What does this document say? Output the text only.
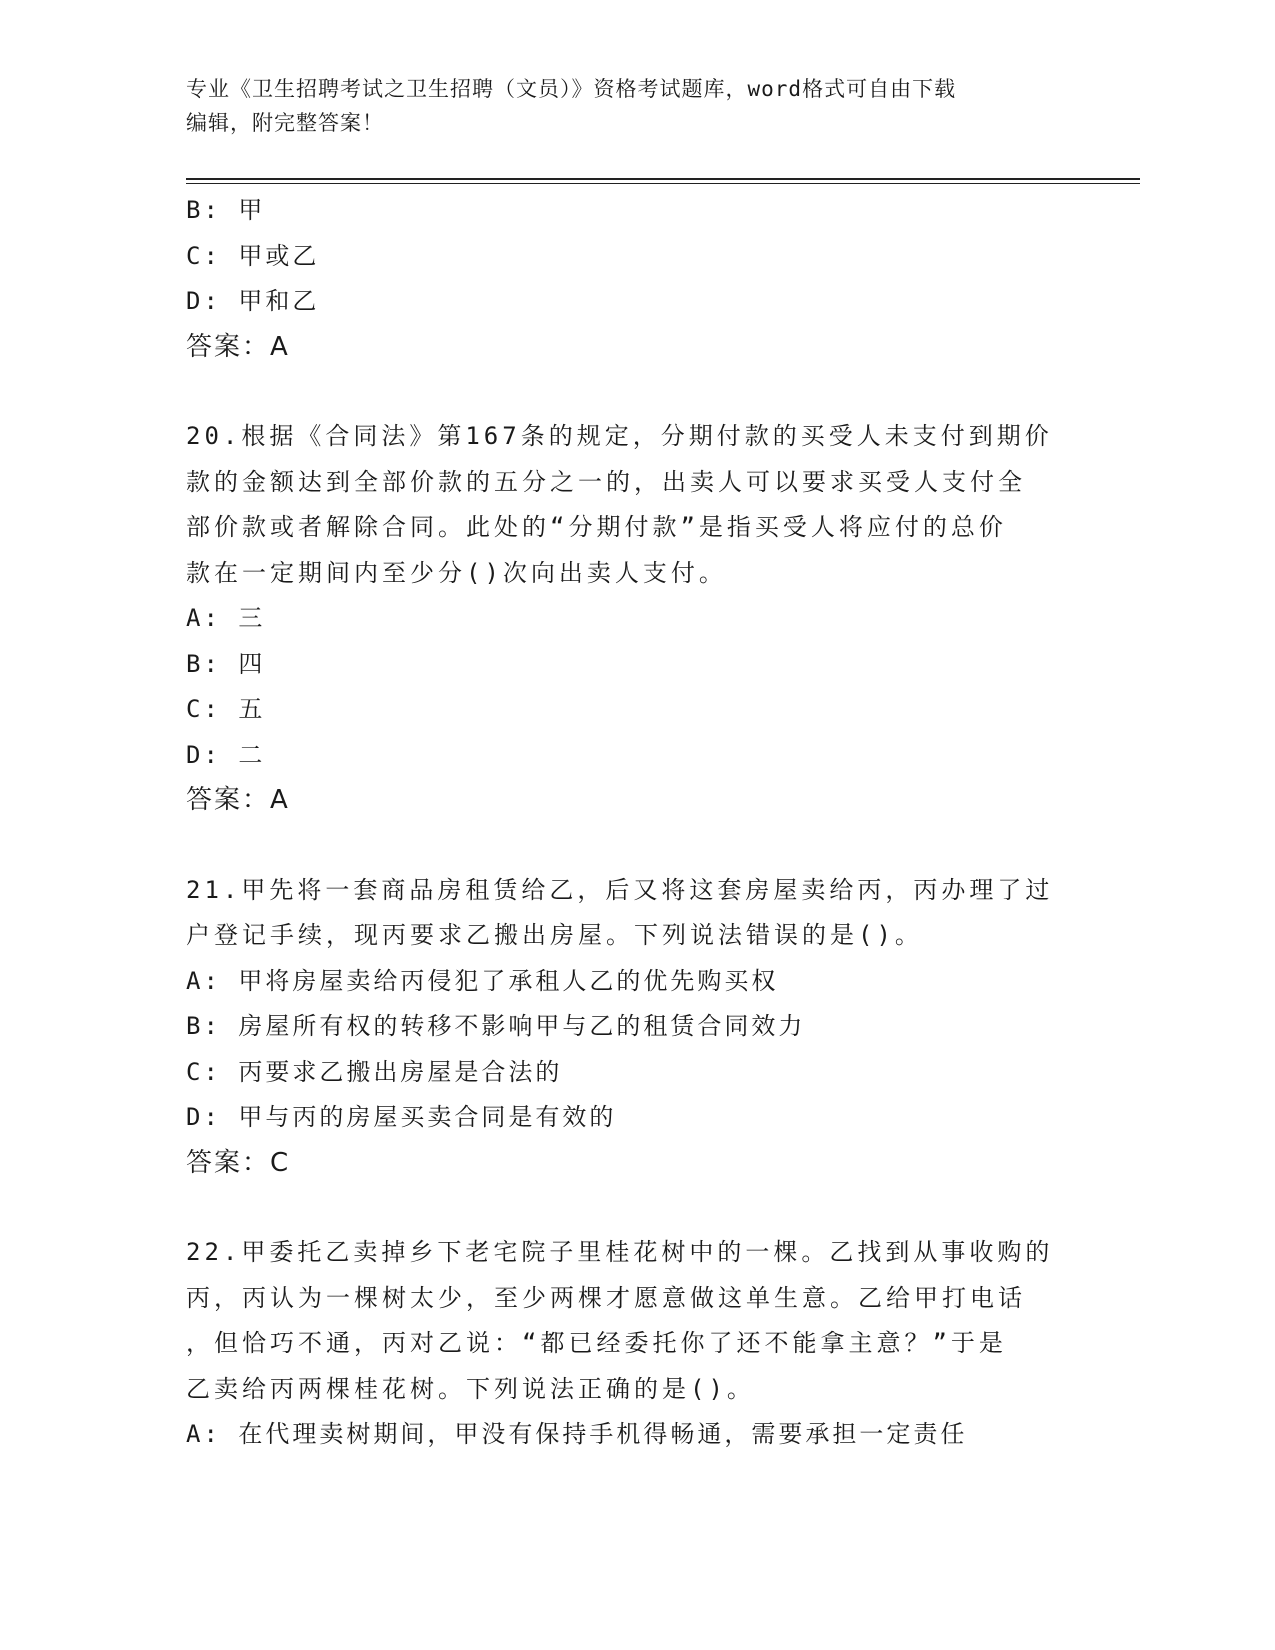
专业《卫生招聘考试之卫生招聘（文员）》资格考试题库，word格式可自由下载
编辑，附完整答案！
B: 甲
C: 甲或乙
D: 甲和乙
答案：A
20.根据《合同法》第167条的规定，分期付款的买受人未支付到期价
款的金额达到全部价款的五分之一的，出卖人可以要求买受人支付全
部价款或者解除合同。此处的“分期付款”是指买受人将应付的总价
款在一定期间内至少分()次向出卖人支付。
A: 三
B: 四
C: 五
D: 二
答案：A
21.甲先将一套商品房租赁给乙，后又将这套房屋卖给丙，丙办理了过
户登记手续，现丙要求乙搬出房屋。下列说法错误的是()。
A: 甲将房屋卖给丙侵犯了承租人乙的优先购买权
B: 房屋所有权的转移不影响甲与乙的租赁合同效力
C: 丙要求乙搬出房屋是合法的
D: 甲与丙的房屋买卖合同是有效的
答案：C
22.甲委托乙卖掉乡下老宅院子里桂花树中的一棵。乙找到从事收购的
丙，丙认为一棵树太少，至少两棵才愿意做这单生意。乙给甲打电话
，但恰巧不通，丙对乙说：“都已经委托你了还不能拿主意？”于是
乙卖给丙两棵桂花树。下列说法正确的是()。
A: 在代理卖树期间，甲没有保持手机得畅通，需要承担一定责任
